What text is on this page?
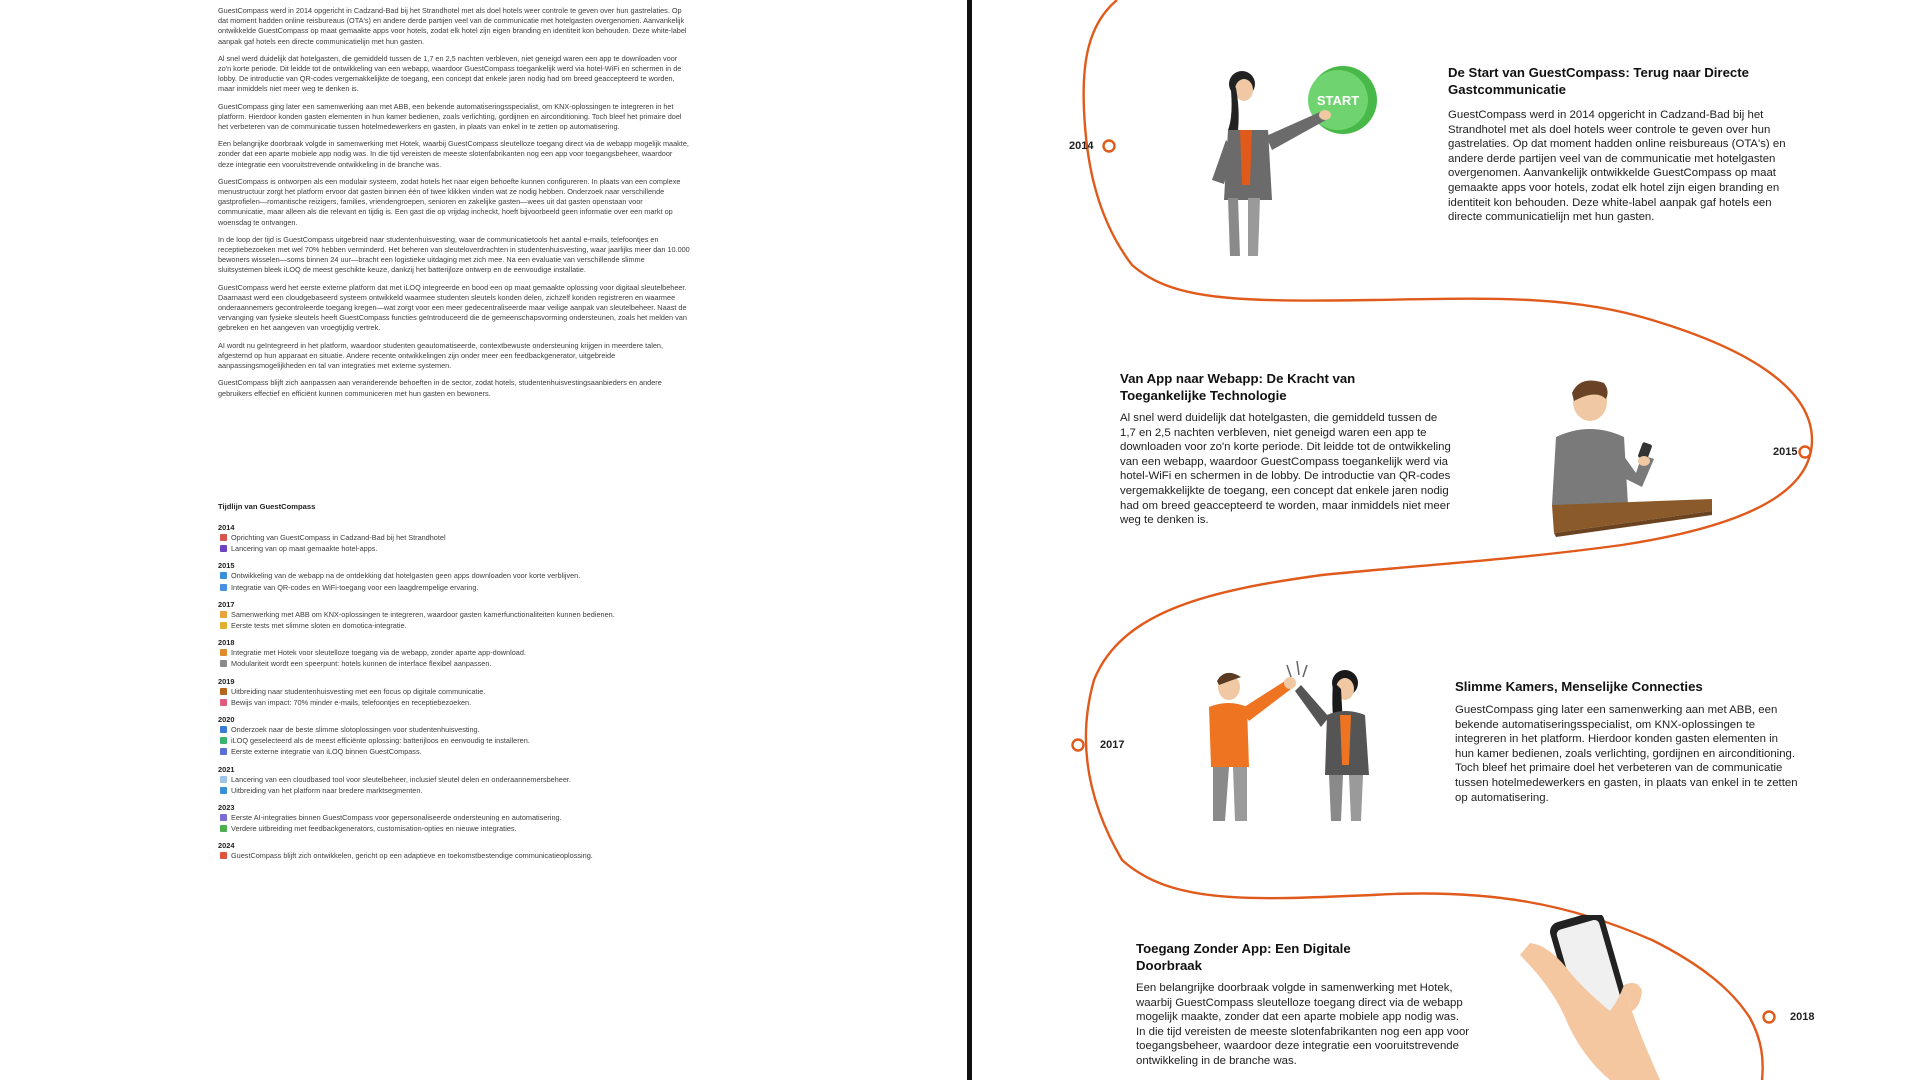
GuestCompass werd in 2014 opgericht in Cadzand-Bad bij het Strandhotel met als doel hotels weer controle te geven over hun gastrelaties. Op dat moment hadden online reisbureaus (OTA's) en andere derde partijen veel van de communicatie met hotelgasten overgenomen. Aanvankelijk ontwikkelde GuestCompass op maat gemaakte apps voor hotels, zodat elk hotel zijn eigen branding en identiteit kon behouden. Deze white-label aanpak gaf hotels een directe communicatielijn met hun gasten.

Al snel werd duidelijk dat hotelgasten, die gemiddeld tussen de 1,7 en 2,5 nachten verbleven, niet geneigd waren een app te downloaden voor zo'n korte periode. Dit leidde tot de ontwikkeling van een webapp, waardoor GuestCompass toegankelijk werd via hotel-WiFi en schermen in de lobby. De introductie van QR-codes vergemakkelijkte de toegang, een concept dat enkele jaren nodig had om breed geaccepteerd te worden, maar inmiddels niet meer weg te denken is.

GuestCompass ging later een samenwerking aan met ABB, een bekende automatiseringsspecialist, om KNX-oplossingen te integreren in het platform. Hierdoor konden gasten elementen in hun kamer bedienen, zoals verlichting, gordijnen en airconditioning. Toch bleef het primaire doel het verbeteren van de communicatie tussen hotelmedewerkers en gasten, in plaats van enkel in te zetten op automatisering.

Een belangrijke doorbraak volgde in samenwerking met Hotek, waarbij GuestCompass sleutelloze toegang direct via de webapp mogelijk maakte, zonder dat een aparte mobiele app nodig was. In die tijd vereisten de meeste slotenfabrikanten nog een app voor toegangsbeheer, waardoor deze integratie een vooruitstrevende ontwikkeling in de branche was.

GuestCompass is ontworpen als een modulair systeem, zodat hotels het naar eigen behoefte kunnen configureren. In plaats van een complexe menustructuur zorgt het platform ervoor dat gasten binnen één of twee klikken vinden wat ze nodig hebben. Onderzoek naar verschillende gastprofielen—romantische reizigers, families, vriendengroepen, senioren en zakelijke gasten—wees uit dat gasten openstaan voor communicatie, maar alleen als die relevant en tijdig is. Een gast die op vrijdag incheckt, hoeft bijvoorbeeld geen informatie over een markt op woensdag te ontvangen.

In de loop der tijd is GuestCompass uitgebreid naar studentenhuisvesting, waar de communicatietools het aantal e-mails, telefoontjes en receptiebezoeken met wel 70% hebben verminderd. Het beheren van sleuteloverdrachten in studentenhuisvesting, waar jaarlijks meer dan 10.000 bewoners wisselen—soms binnen 24 uur—bracht een logistieke uitdaging met zich mee. Na een evaluatie van verschillende slimme sluitsystemen bleek iLOQ de meest geschikte keuze, dankzij het batterijloze ontwerp en de eenvoudige installatie.

GuestCompass werd het eerste externe platform dat met iLOQ integreerde en bood een op maat gemaakte oplossing voor digitaal sleutelbeheer. Daarnaast werd een cloudgebaseerd systeem ontwikkeld waarmee studenten sleutels konden delen, zichzelf konden registreren en waarmee onderaannemers gecontroleerde toegang kregen—wat zorgt voor een meer gedecentraliseerde maar veilige aanpak van sleutelbeheer. Naast de vervanging van fysieke sleutels heeft GuestCompass functies geïntroduceerd die de gemeenschapsvorming ondersteunen, zoals het melden van gebreken en het aangeven van vroegtijdig vertrek.

AI wordt nu geïntegreerd in het platform, waardoor studenten geautomatiseerde, contextbewuste ondersteuning krijgen in meerdere talen, afgestemd op hun apparaat en situatie. Andere recente ontwikkelingen zijn onder meer een feedbackgenerator, uitgebreide aanpassingsmogelijkheden en tal van integraties met externe systemen.

GuestCompass blijft zich aanpassen aan veranderende behoeften in de sector, zodat hotels, studentenhuisvestingsaanbieders en andere gebruikers effectief en efficiënt kunnen communiceren met hun gasten en bewoners.

Tijdlijn van GuestCompass
2014
Oprichting van GuestCompass in Cadzand-Bad bij het Strandhotel
Lancering van op maat gemaakte hotel-apps.
2015
Ontwikkeling van de webapp na de ontdekking dat hotelgasten geen apps downloaden voor korte verblijven.
Integratie van QR-codes en WiFi-toegang voor een laagdrempelige ervaring.
2017
Samenwerking met ABB om KNX-oplossingen te integreren, waardoor gasten kamerfunctionaliteiten kunnen bedienen.
Eerste tests met slimme sloten en domotica-integratie.
2018
Integratie met Hotek voor sleutelloze toegang via de webapp, zonder aparte app-download.
Modulariteit wordt een speerpunt: hotels kunnen de interface flexibel aanpassen.
2019
Uitbreiding naar studentenhuisvesting met een focus op digitale communicatie.
Bewijs van impact: 70% minder e-mails, telefoontjes en receptiebezoeken.
2020
Onderzoek naar de beste slimme slotoplossingen voor studentenhuisvesting.
iLOQ geselecteerd als de meest efficiënte oplossing: batterijloos en eenvoudig te installeren.
Eerste externe integratie van iLOQ binnen GuestCompass.
2021
Lancering van een cloudbased tool voor sleutelbeheer, inclusief sleutel delen en onderaannemersbeheer.
Uitbreiding van het platform naar bredere marktsegmenten.
2023
Eerste AI-integraties binnen GuestCompass voor gepersonaliseerde ondersteuning en automatisering.
Verdere uitbreiding met feedbackgenerators, customisation-opties en nieuwe integraties.
2024
GuestCompass blijft zich ontwikkelen, gericht op een adaptieve en toekomstbestendige communicatieoplossing.
2014
2015
2017
2018
De Start van GuestCompass: Terug naar Directe Gastcommunicatie
GuestCompass werd in 2014 opgericht in Cadzand-Bad bij het Strandhotel met als doel hotels weer controle te geven over hun gastrelaties. Op dat moment hadden online reisbureaus (OTA's) en andere derde partijen veel van de communicatie met hotelgasten overgenomen. Aanvankelijk ontwikkelde GuestCompass op maat gemaakte apps voor hotels, zodat elk hotel zijn eigen branding en identiteit kon behouden. Deze white-label aanpak gaf hotels een directe communicatielijn met hun gasten.
START
Van App naar Webapp: De Kracht van Toegankelijke Technologie
Al snel werd duidelijk dat hotelgasten, die gemiddeld tussen de 1,7 en 2,5 nachten verbleven, niet geneigd waren een app te downloaden voor zo'n korte periode. Dit leidde tot de ontwikkeling van een webapp, waardoor GuestCompass toegankelijk werd via hotel-WiFi en schermen in de lobby. De introductie van QR-codes vergemakkelijkte de toegang, een concept dat enkele jaren nodig had om breed geaccepteerd te worden, maar inmiddels niet meer weg te denken is.
Slimme Kamers, Menselijke Connecties
GuestCompass ging later een samenwerking aan met ABB, een bekende automatiseringsspecialist, om KNX-oplossingen te integreren in het platform. Hierdoor konden gasten elementen in hun kamer bedienen, zoals verlichting, gordijnen en airconditioning. Toch bleef het primaire doel het verbeteren van de communicatie tussen hotelmedewerkers en gasten, in plaats van enkel in te zetten op automatisering.
Toegang Zonder App: Een Digitale Doorbraak
Een belangrijke doorbraak volgde in samenwerking met Hotek, waarbij GuestCompass sleutelloze toegang direct via de webapp mogelijk maakte, zonder dat een aparte mobiele app nodig was. In die tijd vereisten de meeste slotenfabrikanten nog een app voor toegangsbeheer, waardoor deze integratie een vooruitstrevende ontwikkeling in de branche was.
